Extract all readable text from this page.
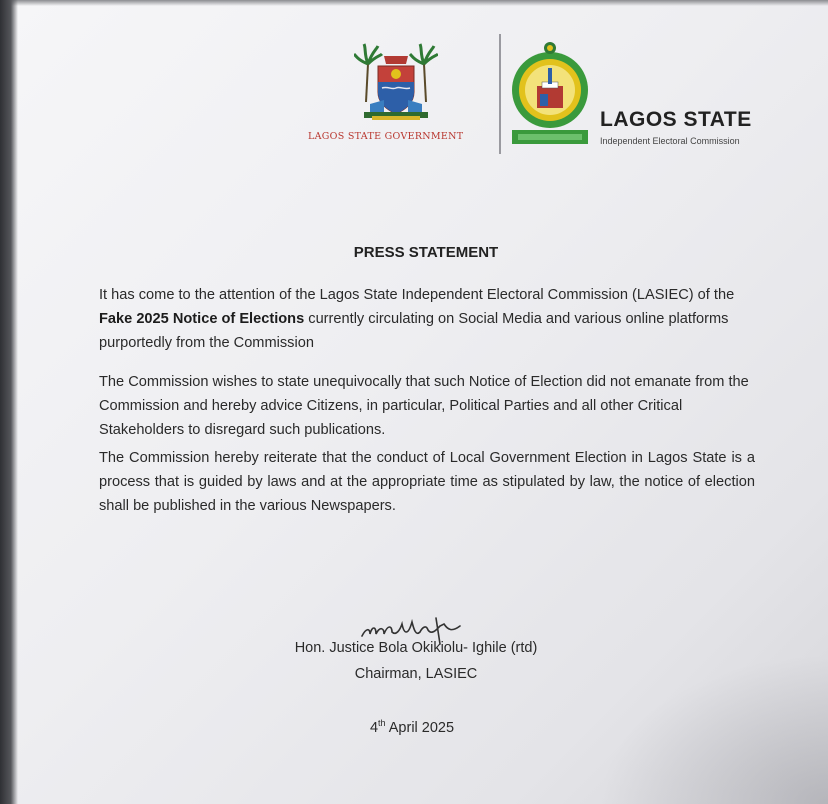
LAGOS STATE GOVERNMENT
LAGOS STATE
Independent Electoral Commission
PRESS STATEMENT

It has come to the attention of the Lagos State Independent Electoral Commission (LASIEC) of the Fake 2025 Notice of Elections currently circulating on Social Media and various online platforms purportedly from the Commission

The Commission wishes to state unequivocally that such Notice of Election did not emanate from the Commission and hereby advice Citizens, in particular, Political Parties and all other Critical Stakeholders to disregard such publications.

The Commission hereby reiterate that the conduct of Local Government Election in Lagos State is a process that is guided by laws and at the appropriate time as stipulated by law, the notice of election shall be published in the various Newspapers.

Hon. Justice Bola Okikiolu- Ighile (rtd)
Chairman, LASIEC
4th April 2025
